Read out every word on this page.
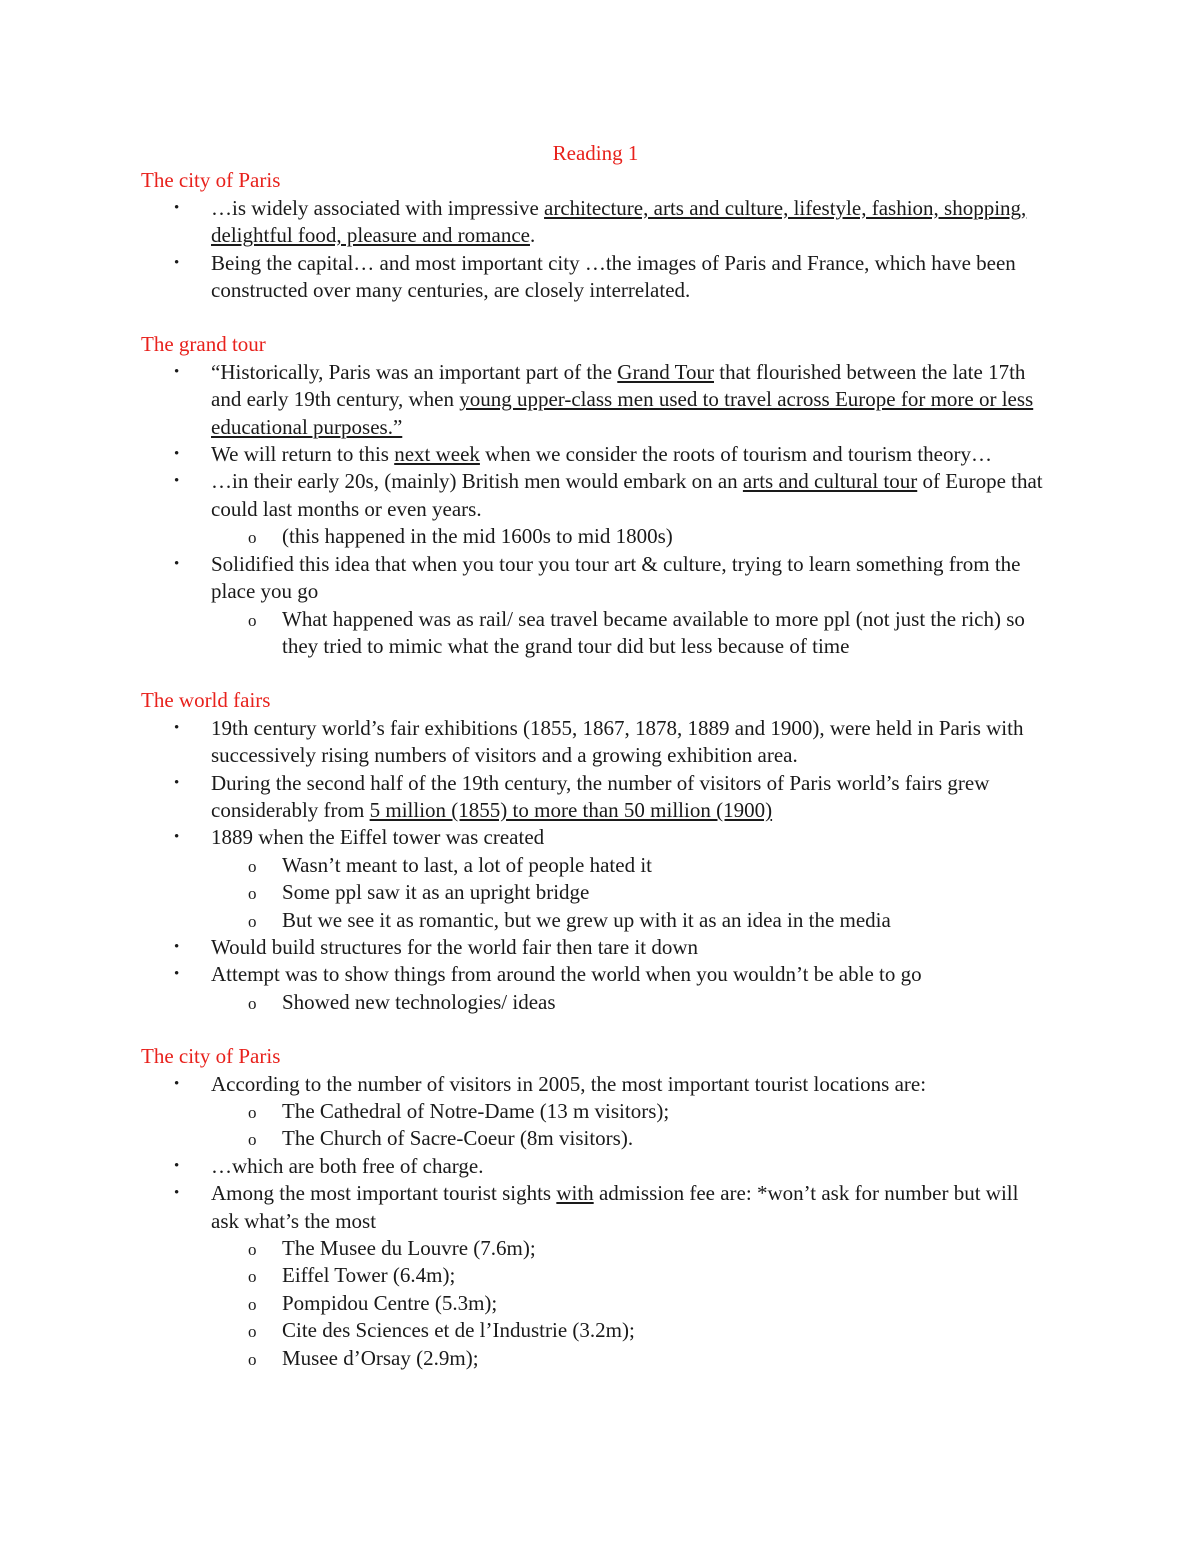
Reading 1
The city of Paris
• …is widely associated with impressive architecture, arts and culture, lifestyle, fashion, shopping, delightful food, pleasure and romance.
• Being the capital… and most important city …the images of Paris and France, which have been constructed over many centuries, are closely interrelated.
The grand tour
• “Historically, Paris was an important part of the Grand Tour that flourished between the late 17th and early 19th century, when young upper-class men used to travel across Europe for more or less educational purposes.”
• We will return to this next week when we consider the roots of tourism and tourism theory…
• …in their early 20s, (mainly) British men would embark on an arts and cultural tour of Europe that could last months or even years.
o (this happened in the mid 1600s to mid 1800s)
• Solidified this idea that when you tour you tour art & culture, trying to learn something from the place you go
o What happened was as rail/ sea travel became available to more ppl (not just the rich) so they tried to mimic what the grand tour did but less because of time
The world fairs
• 19th century world’s fair exhibitions (1855, 1867, 1878, 1889 and 1900), were held in Paris with successively rising numbers of visitors and a growing exhibition area.
• During the second half of the 19th century, the number of visitors of Paris world’s fairs grew considerably from 5 million (1855) to more than 50 million (1900)
• 1889 when the Eiffel tower was created
o Wasn’t meant to last, a lot of people hated it
o Some ppl saw it as an upright bridge
o But we see it as romantic, but we grew up with it as an idea in the media
• Would build structures for the world fair then tare it down
• Attempt was to show things from around the world when you wouldn’t be able to go
o Showed new technologies/ ideas
The city of Paris
• According to the number of visitors in 2005, the most important tourist locations are:
o The Cathedral of Notre-Dame (13 m visitors);
o The Church of Sacre-Coeur (8m visitors).
• …which are both free of charge.
• Among the most important tourist sights with admission fee are: *won’t ask for number but will ask what’s the most
o The Musee du Louvre (7.6m);
o Eiffel Tower (6.4m);
o Pompidou Centre (5.3m);
o Cite des Sciences et de l’Industrie (3.2m);
o Musee d’Orsay (2.9m);
